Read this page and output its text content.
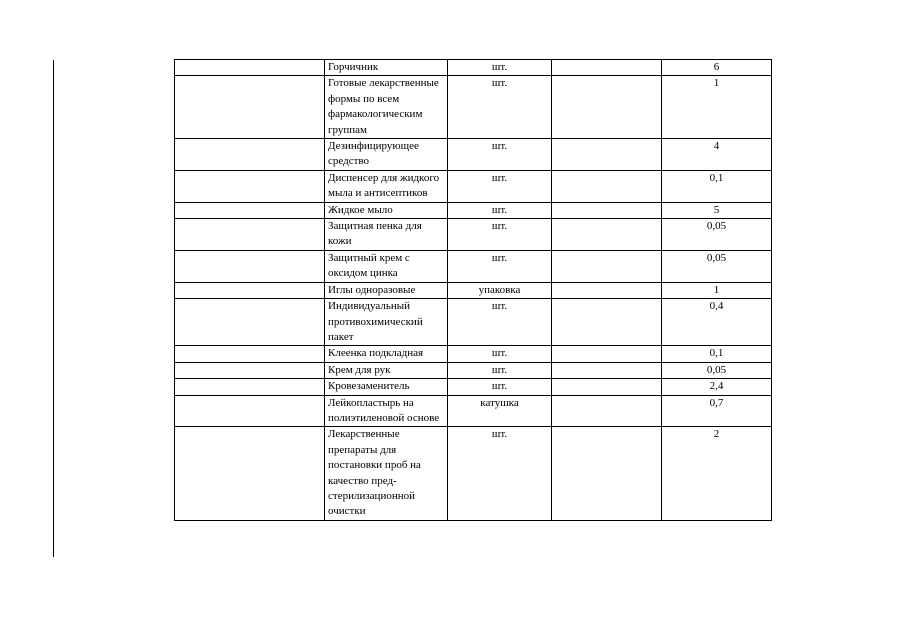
	Горчичник	шт.		6
	Готовые лекарственные формы по всем фармакологическим группам	шт.		1
	Дезинфицирующее средство	шт.		4
	Диспенсер для жидкого мыла и антисептиков	шт.		0,1
	Жидкое мыло	шт.		5
	Защитная пенка для кожи	шт.		0,05
	Защитный крем с оксидом цинка	шт.		0,05
	Иглы одноразовые	упаковка		1
	Индивидуальный противохимический пакет	шт.		0,4
	Клеенка подкладная	шт.		0,1
	Крем для рук	шт.		0,05
	Кровезаменитель	шт.		2,4
	Лейкопластырь на полиэтиленовой основе	катушка		0,7
	Лекарственные препараты для постановки проб на качество пред-стерилизационной очистки	шт.		2
